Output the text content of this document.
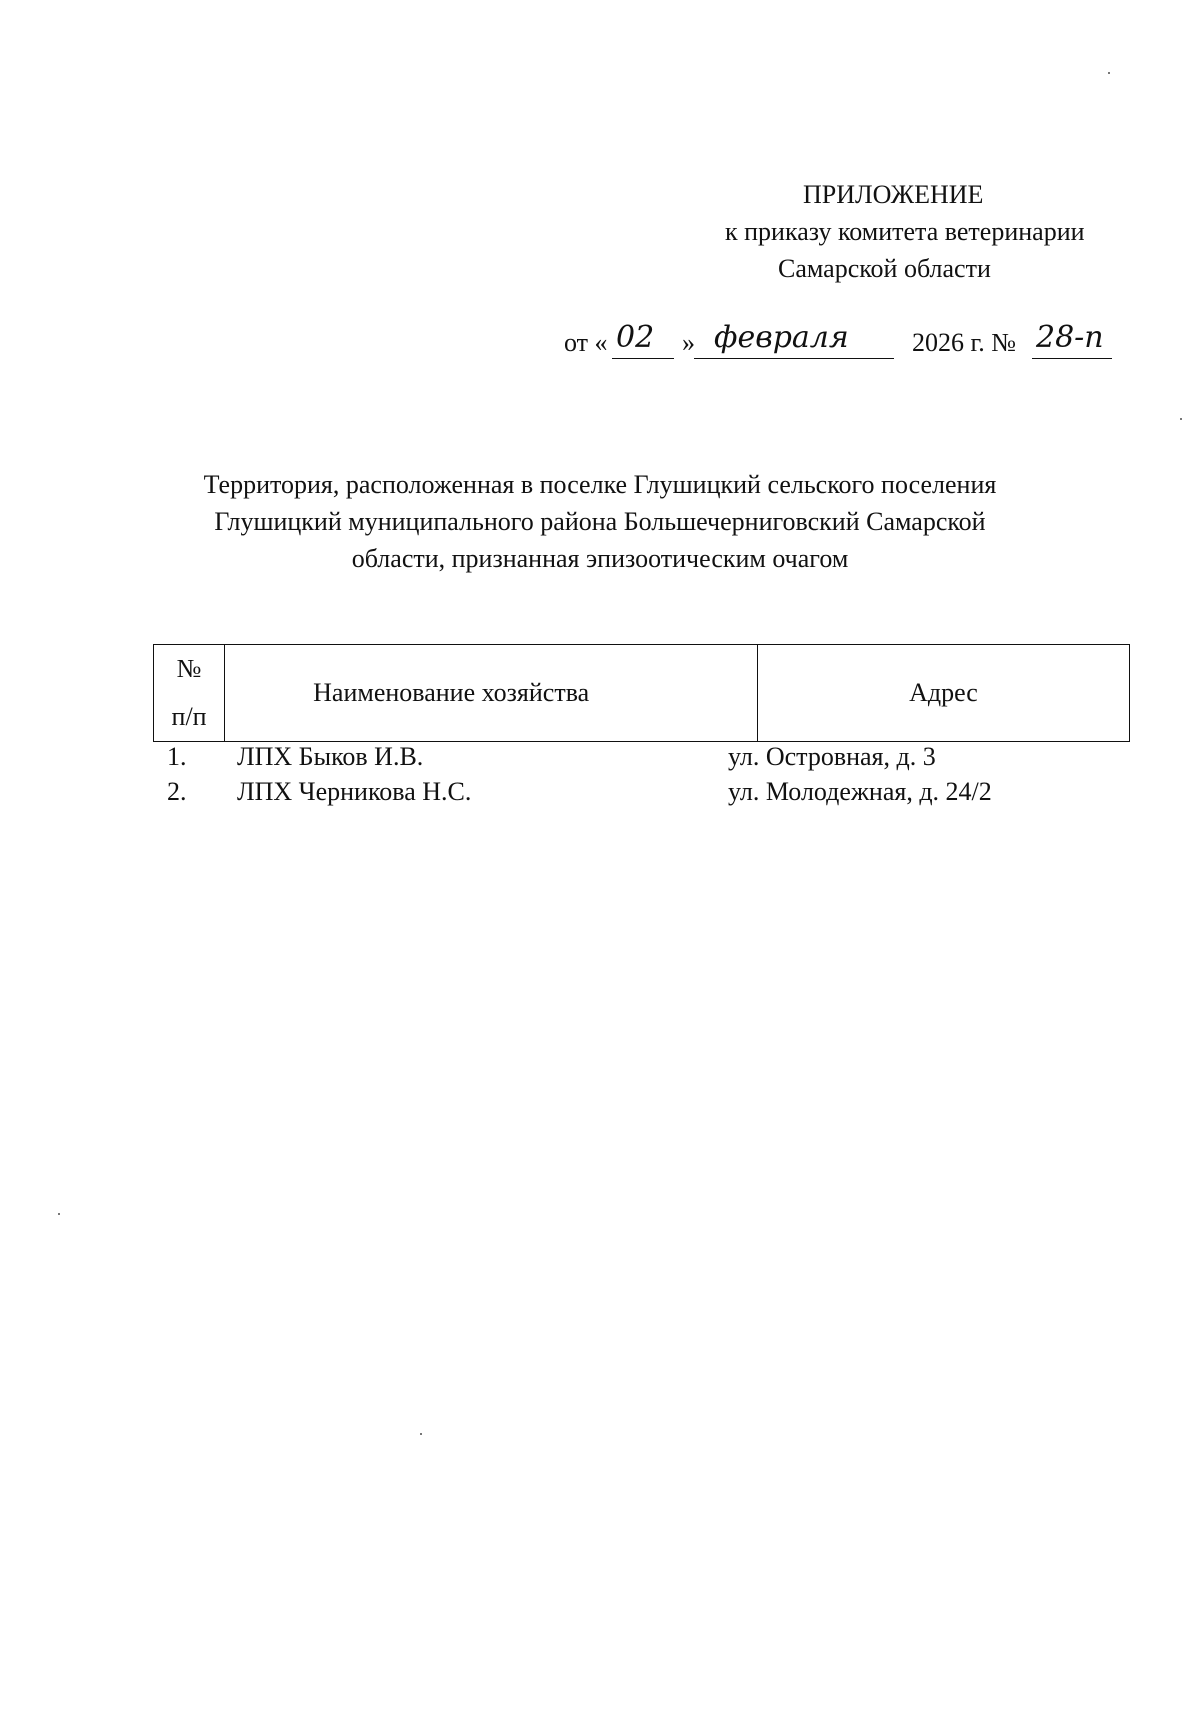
ПРИЛОЖЕНИЕ
к приказу комитета ветеринарии
Самарской области
от « 02 » февраля 2026 г. № 28-п
Территория, расположенная в поселке Глушицкий сельского поселения
Глушицкий муниципального района Большечерниговский Самарской
области, признанная эпизоотическим очагом
№
п/п	Наименование хозяйства	Адрес
1. ЛПХ Быков И.В.	ул. Островная, д. 3
2. ЛПХ Черникова Н.С.	ул. Молодежная, д. 24/2
